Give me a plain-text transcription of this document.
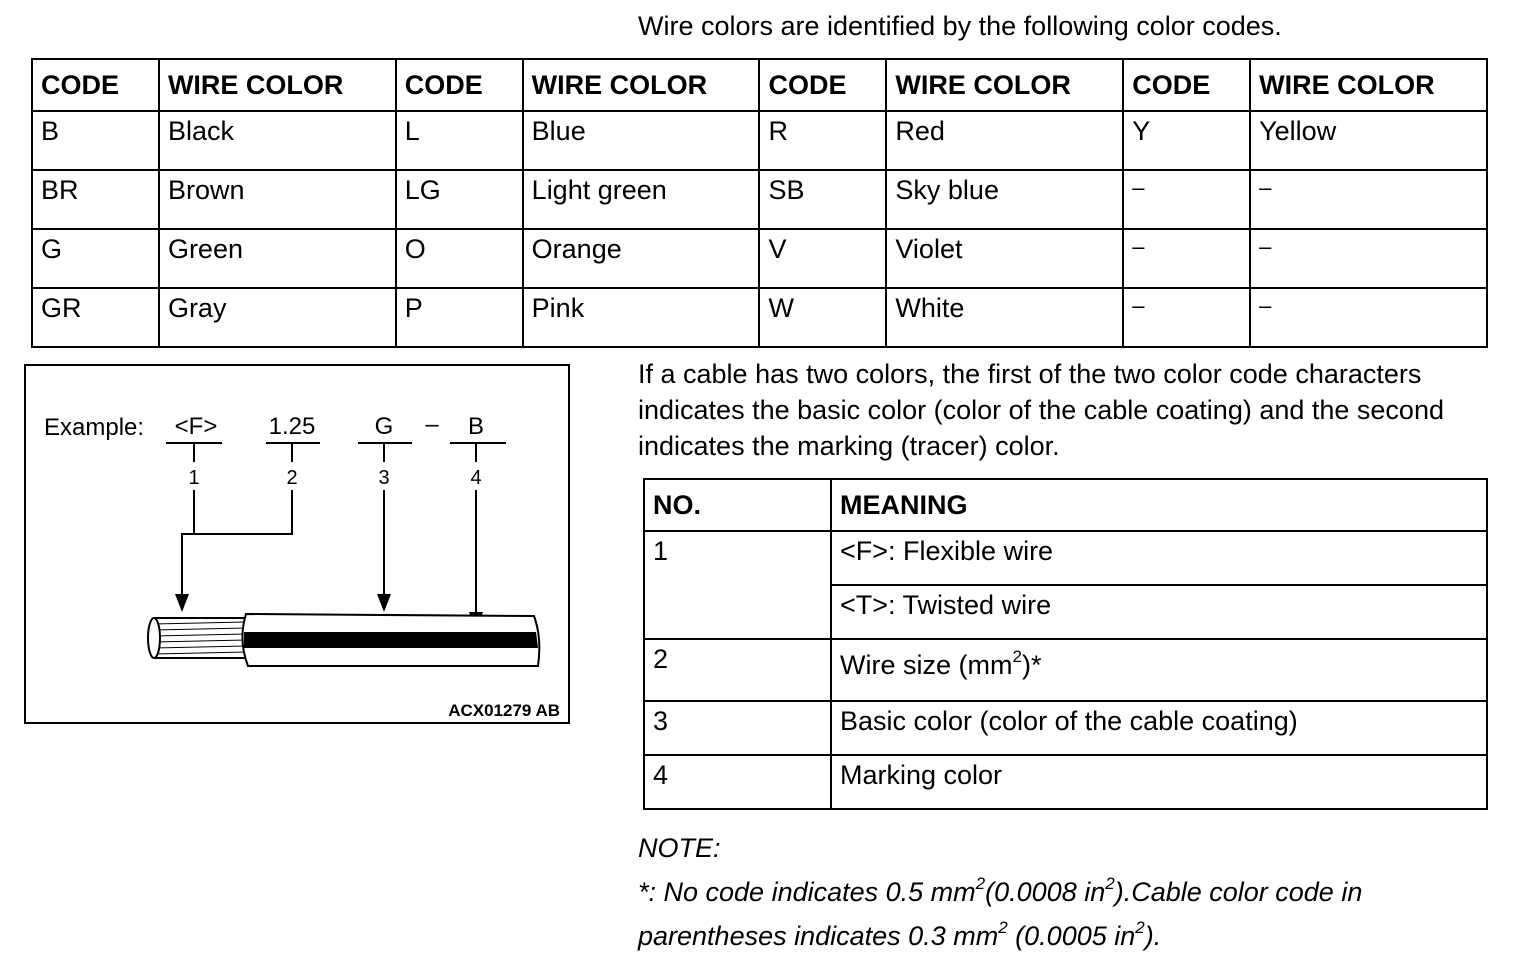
Wire colors are identified by the following color codes.
CODE	WIRE COLOR	CODE	WIRE COLOR	CODE	WIRE COLOR	CODE	WIRE COLOR
B	Black	L	Blue	R	Red	Y	Yellow
BR	Brown	LG	Light green	SB	Sky blue	–	–
G	Green	O	Orange	V	Violet	–	–
GR	Gray	P	Pink	W	White	–	–
Example: <F> 1.25 G – B
1	2	3	4
ACX01279 AB
If a cable has two colors, the first of the two color code characters indicates the basic color (color of the cable coating) and the second indicates the marking (tracer) color.
NO.	MEANING
1	<F>: Flexible wire
	<T>: Twisted wire
2	Wire size $(mm^2)*$
3	Basic color (color of the cable coating)
4	Marking color
NOTE:
*: No code indicates 0.5 $mm^2(0.0008$ $in^2).Cable$ color code in
parentheses indicates 0.3 $mm^2$ (0.0005 $in^2$).
